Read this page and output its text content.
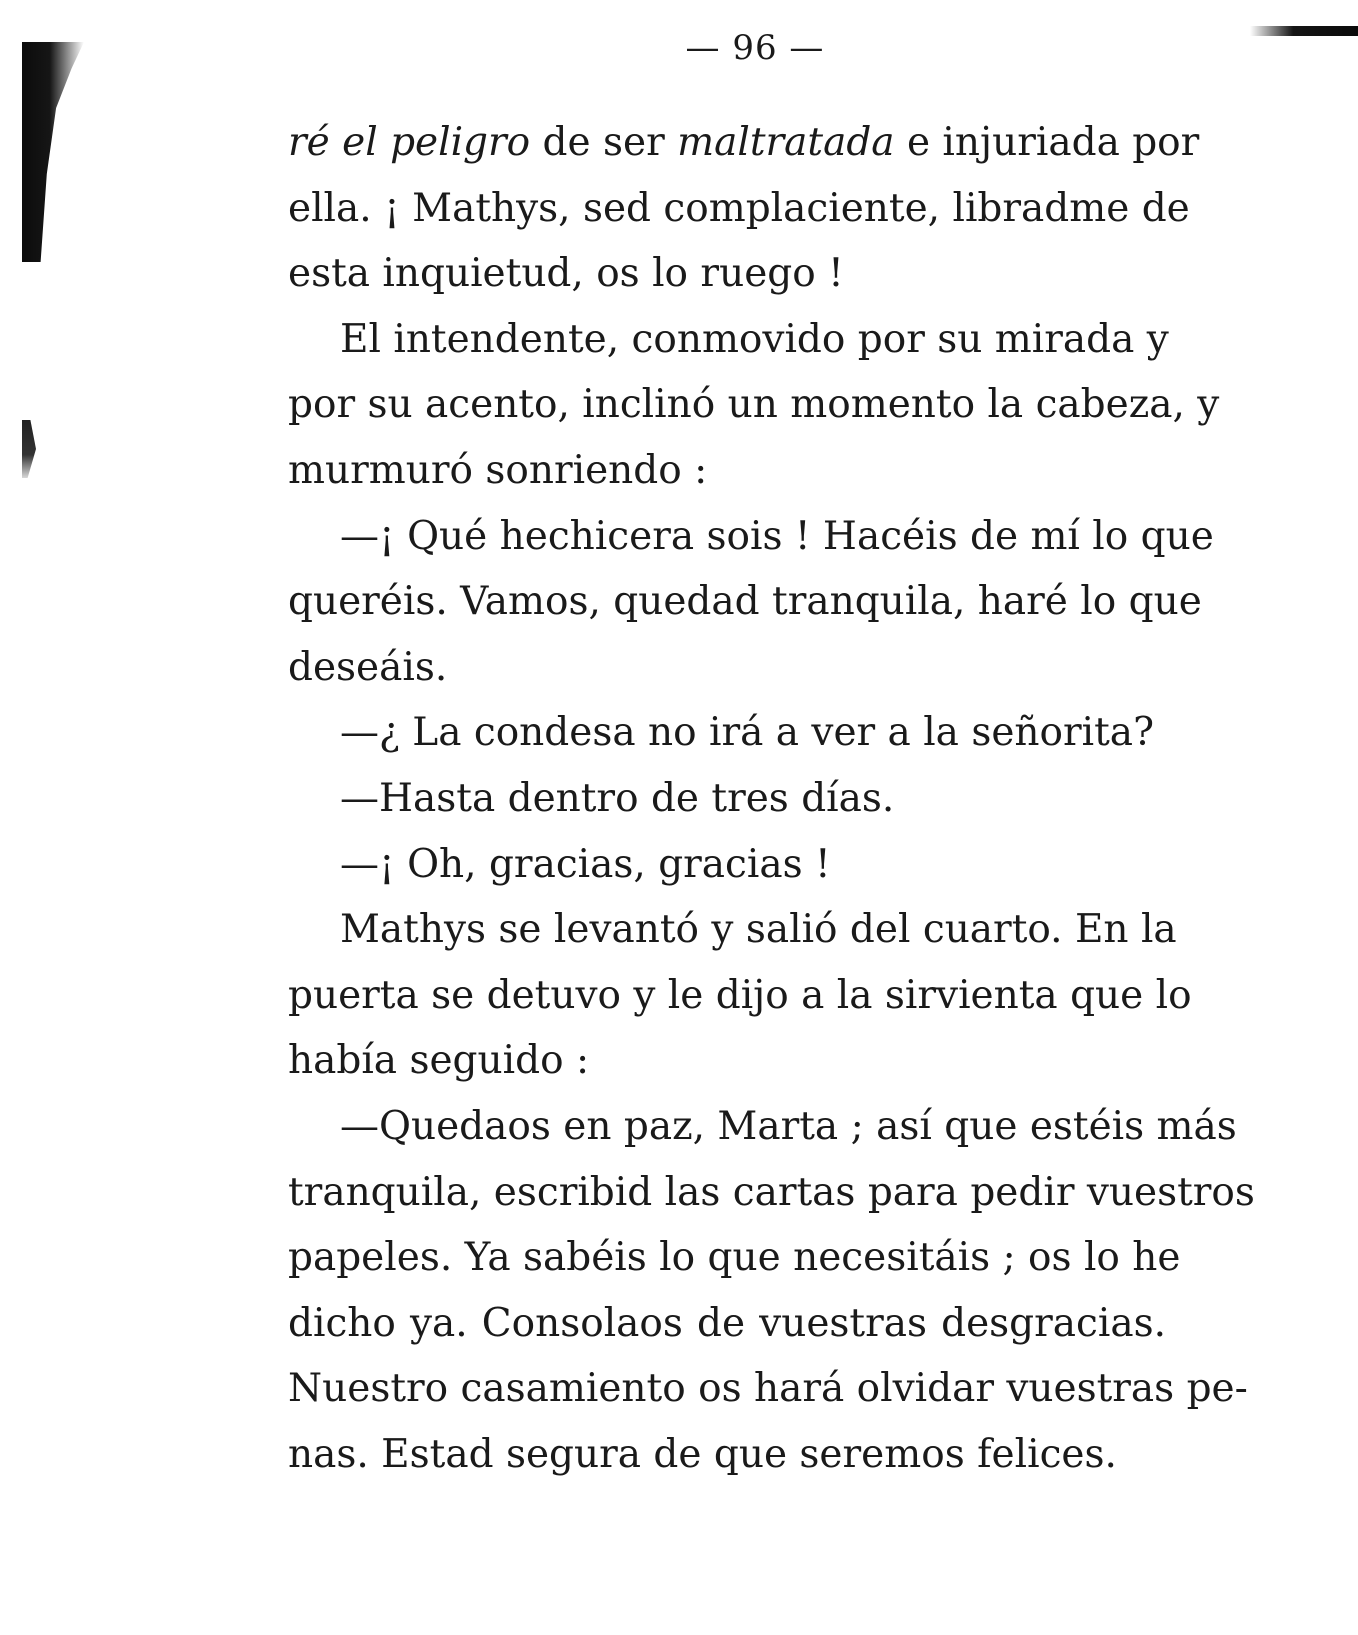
— 96 —
ré el peligro de ser maltratada e injuriada por
ella. ¡ Mathys, sed complaciente, libradme de
esta inquietud, os lo ruego !
El intendente, conmovido por su mirada y
por su acento, inclinó un momento la cabeza, y
murmuró sonriendo :
—¡ Qué hechicera sois ! Hacéis de mí lo que
queréis. Vamos, quedad tranquila, haré lo que
deseáis.
—¿ La condesa no irá a ver a la señorita?
—Hasta dentro de tres días.
—¡ Oh, gracias, gracias !
Mathys se levantó y salió del cuarto. En la
puerta se detuvo y le dijo a la sirvienta que lo
había seguido :
—Quedaos en paz, Marta ; así que estéis más
tranquila, escribid las cartas para pedir vuestros
papeles. Ya sabéis lo que necesitáis ; os lo he
dicho ya. Consolaos de vuestras desgracias.
Nuestro casamiento os hará olvidar vuestras pe-
nas. Estad segura de que seremos felices.
